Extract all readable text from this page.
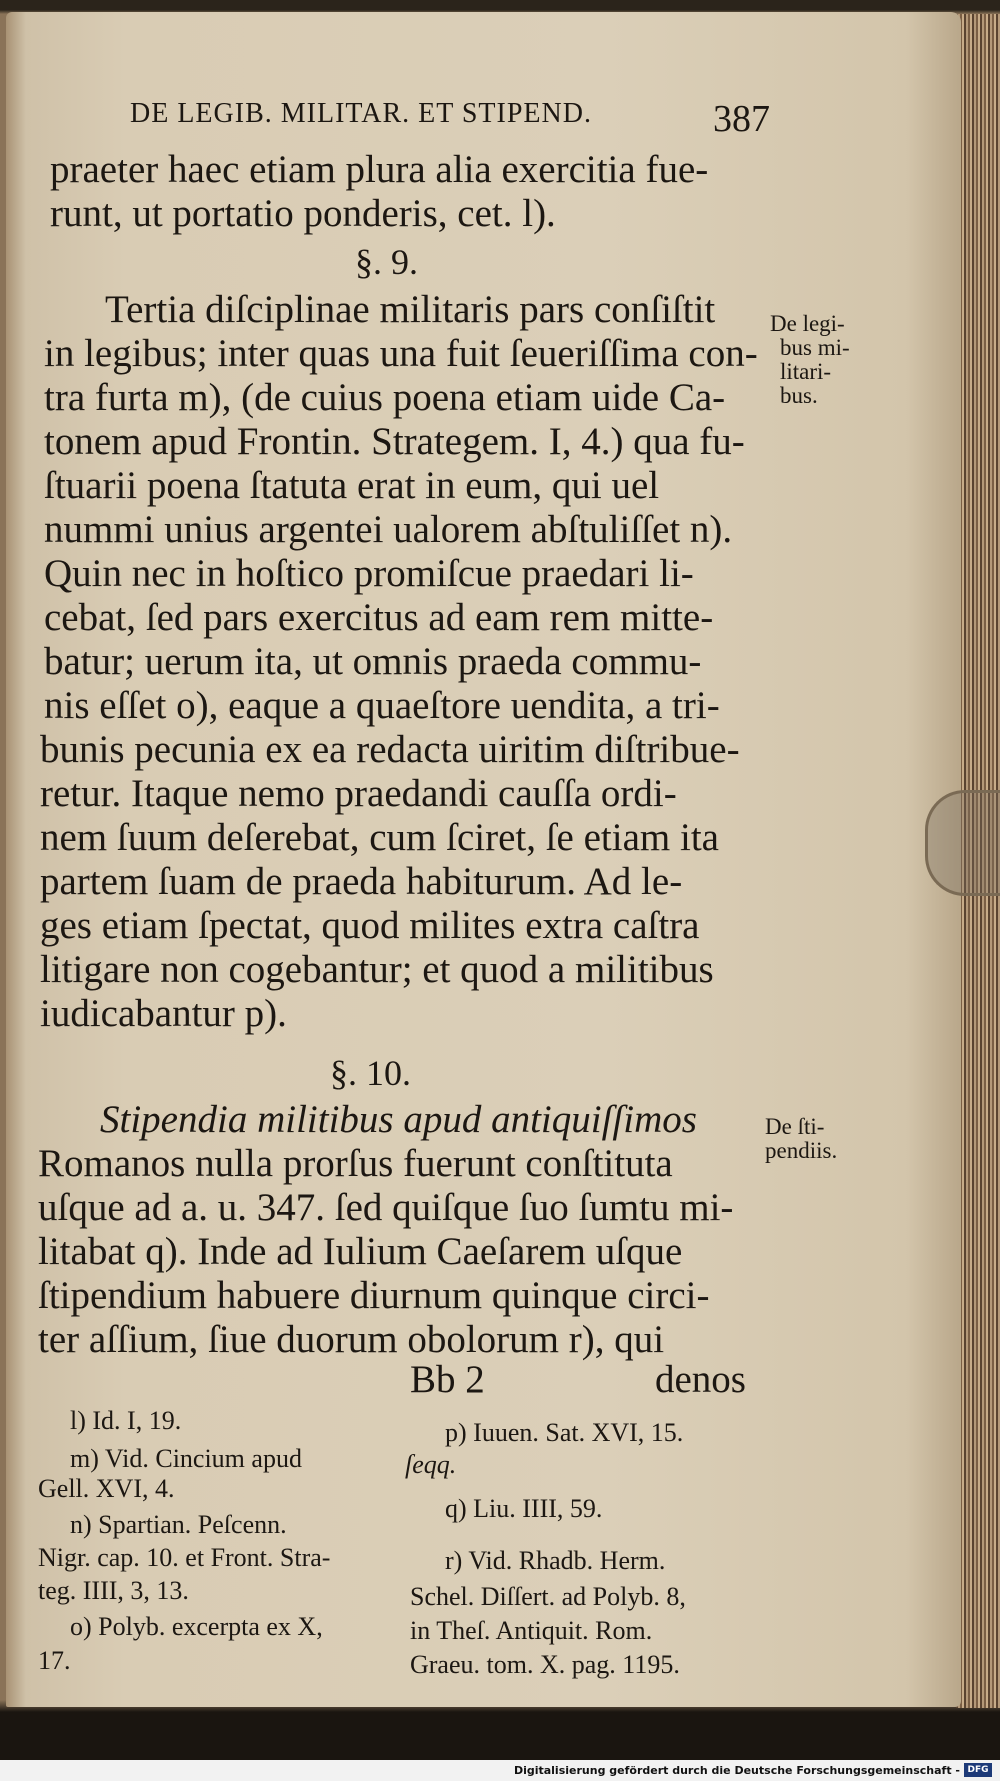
DE LEGIB. MILITAR. ET STIPEND.	387
praeter haec etiam plura alia exercitia fue-
runt, ut portatio ponderis, cet. l).
§. 9.
Tertia diſciplinae militaris pars conſiſtit
in legibus; inter quas una fuit ſeueriſſima con-
tra furta m), (de cuius poena etiam uide Ca-
tonem apud Frontin. Strategem. I, 4.) qua fu-
ſtuarii poena ſtatuta erat in eum, qui uel
nummi unius argentei ualorem abſtuliſſet n).
Quin nec in hoſtico promiſcue praedari li-
cebat, ſed pars exercitus ad eam rem mitte-
batur; uerum ita, ut omnis praeda commu-
nis eſſet o), eaque a quaeſtore uendita, a tri-
bunis pecunia ex ea redacta uiritim diſtribue-
retur. Itaque nemo praedandi cauſſa ordi-
nem ſuum deſerebat, cum ſciret, ſe etiam ita
partem ſuam de praeda habiturum. Ad le-
ges etiam ſpectat, quod milites extra caſtra
litigare non cogebantur; et quod a militibus
iudicabantur p).
§. 10.
Stipendia militibus apud antiquiſſimos
Romanos nulla prorſus fuerunt conſtituta
uſque ad a. u. 347. ſed quiſque ſuo ſumtu mi-
litabat q). Inde ad Iulium Caeſarem uſque
ſtipendium habuere diurnum quinque circi-
ter aſſium, ſiue duorum obolorum r), qui
Bb 2	denos
De legi-
bus mi-
litari-
bus.
De ſti-
pendiis.
l) Id. I, 19.
m) Vid. Cincium apud
Gell. XVI, 4.
n) Spartian. Peſcenn.
Nigr. cap. 10. et Front. Stra-
teg. IIII, 3, 13.
o) Polyb. excerpta ex X,
17.
p) Iuuen. Sat. XVI, 15.
ſeqq.
q) Liu. IIII, 59.
r) Vid. Rhadb. Herm.
Schel. Diſſert. ad Polyb. 8,
in Theſ. Antiquit. Rom.
Graeu. tom. X. pag. 1195.
Digitalisierung gefördert durch die Deutsche Forschungsgemeinschaft - DFG
